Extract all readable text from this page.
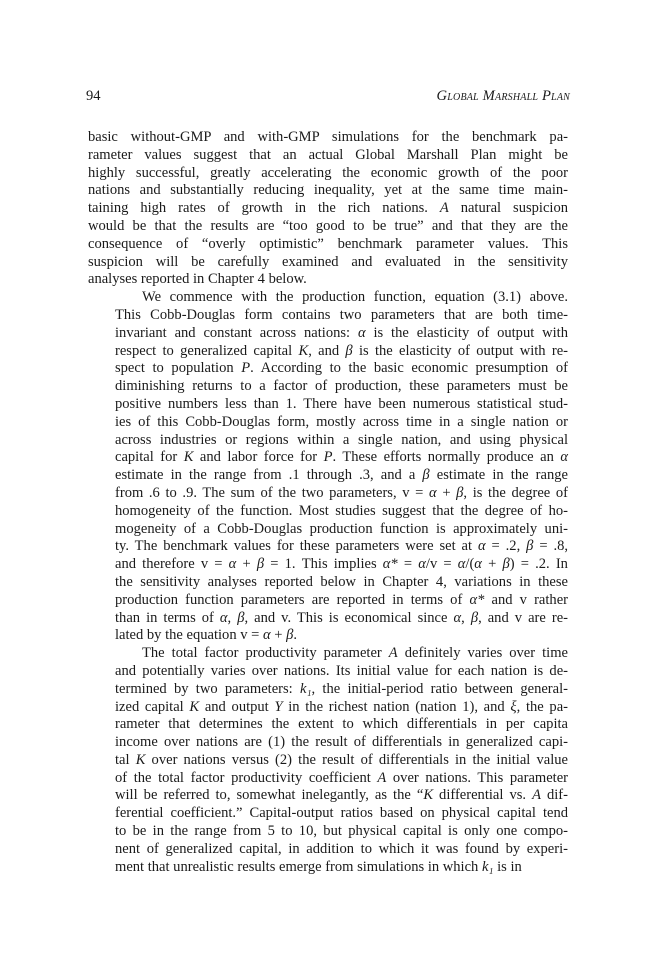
94	Global Marshall Plan
basic without-GMP and with-GMP simulations for the benchmark pa-
rameter values suggest that an actual Global Marshall Plan might be
highly successful, greatly accelerating the economic growth of the poor
nations and substantially reducing inequality, yet at the same time main-
taining high rates of growth in the rich nations. A natural suspicion
would be that the results are “too good to be true” and that they are the
consequence of “overly optimistic” benchmark parameter values. This
suspicion will be carefully examined and evaluated in the sensitivity
analyses reported in Chapter 4 below.
We commence with the production function, equation (3.1) above.
This Cobb-Douglas form contains two parameters that are both time-
invariant and constant across nations: α is the elasticity of output with
respect to generalized capital K, and β is the elasticity of output with re-
spect to population P. According to the basic economic presumption of
diminishing returns to a factor of production, these parameters must be
positive numbers less than 1. There have been numerous statistical stud-
ies of this Cobb-Douglas form, mostly across time in a single nation or
across industries or regions within a single nation, and using physical
capital for K and labor force for P. These efforts normally produce an α
estimate in the range from .1 through .3, and a β estimate in the range
from .6 to .9. The sum of the two parameters, v = α + β, is the degree of
homogeneity of the function. Most studies suggest that the degree of ho-
mogeneity of a Cobb-Douglas production function is approximately uni-
ty. The benchmark values for these parameters were set at α = .2, β = .8,
and therefore v = α + β = 1. This implies α* = α/v = α/(α + β) = .2. In
the sensitivity analyses reported below in Chapter 4, variations in these
production function parameters are reported in terms of α* and v rather
than in terms of α, β, and v. This is economical since α, β, and v are re-
lated by the equation v = α + β.
The total factor productivity parameter A definitely varies over time
and potentially varies over nations. Its initial value for each nation is de-
termined by two parameters: k₁, the initial-period ratio between general-
ized capital K and output Y in the richest nation (nation 1), and ξ, the pa-
rameter that determines the extent to which differentials in per capita
income over nations are (1) the result of differentials in generalized capi-
tal K over nations versus (2) the result of differentials in the initial value
of the total factor productivity coefficient A over nations. This parameter
will be referred to, somewhat inelegantly, as the “K differential vs. A dif-
ferential coefficient.” Capital-output ratios based on physical capital tend
to be in the range from 5 to 10, but physical capital is only one compo-
nent of generalized capital, in addition to which it was found by experi-
ment that unrealistic results emerge from simulations in which k₁ is in
